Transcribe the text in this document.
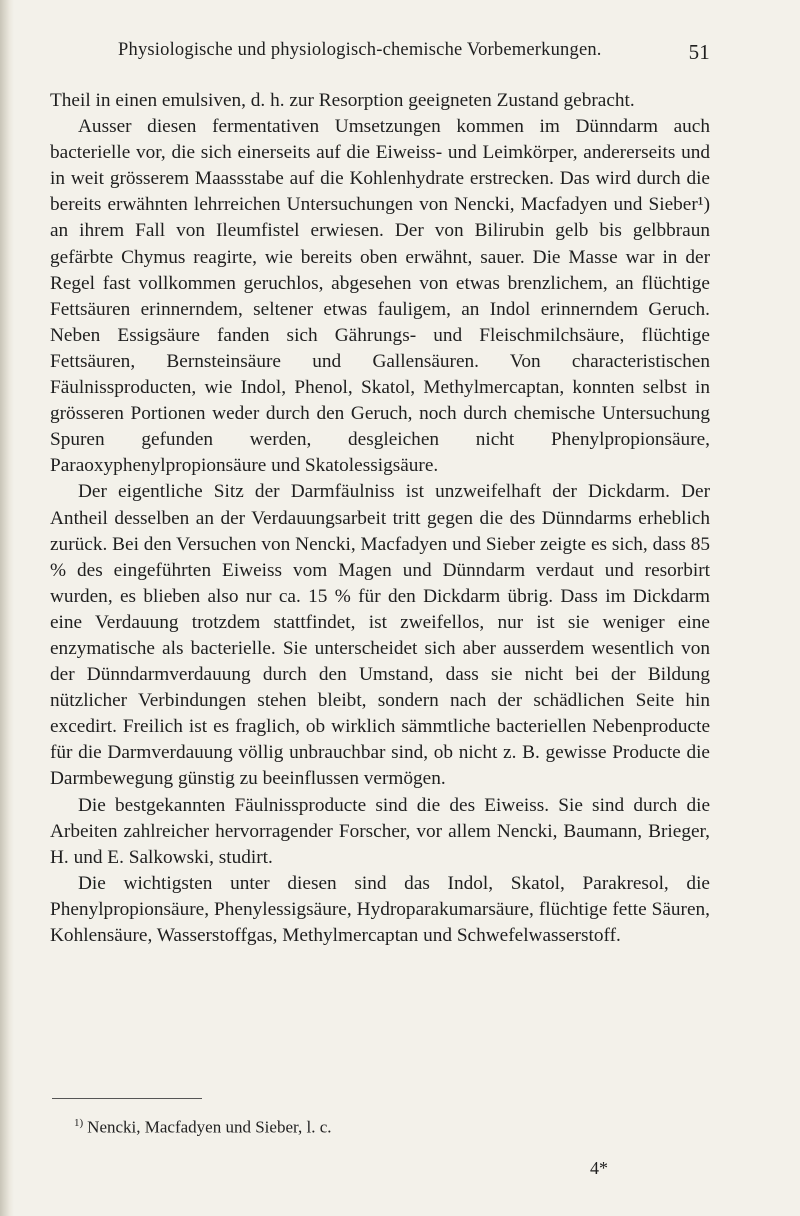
Physiologische und physiologisch-chemische Vorbemerkungen.	51

Theil in einen emulsiven, d. h. zur Resorption geeigneten Zustand gebracht.

Ausser diesen fermentativen Umsetzungen kommen im Dünndarm auch bacterielle vor, die sich einerseits auf die Eiweiss- und Leimkörper, andererseits und in weit grösserem Maassstabe auf die Kohlenhydrate erstrecken. Das wird durch die bereits erwähnten lehrreichen Untersuchungen von Nencki, Macfadyen und Sieber¹) an ihrem Fall von Ileumfistel erwiesen. Der von Bilirubin gelb bis gelbbraun gefärbte Chymus reagirte, wie bereits oben erwähnt, sauer. Die Masse war in der Regel fast vollkommen geruchlos, abgesehen von etwas brenzlichem, an flüchtige Fettsäuren erinnerndem, seltener etwas fauligem, an Indol erinnerndem Geruch. Neben Essigsäure fanden sich Gährungs- und Fleischmilchsäure, flüchtige Fettsäuren, Bernsteinsäure und Gallensäuren. Von characteristischen Fäulnissproducten, wie Indol, Phenol, Skatol, Methylmercaptan, konnten selbst in grösseren Portionen weder durch den Geruch, noch durch chemische Untersuchung Spuren gefunden werden, desgleichen nicht Phenylpropionsäure, Paraoxyphenylpropionsäure und Skatolessigsäure.

Der eigentliche Sitz der Darmfäulniss ist unzweifelhaft der Dickdarm. Der Antheil desselben an der Verdauungsarbeit tritt gegen die des Dünndarms erheblich zurück. Bei den Versuchen von Nencki, Macfadyen und Sieber zeigte es sich, dass 85 % des eingeführten Eiweiss vom Magen und Dünndarm verdaut und resorbirt wurden, es blieben also nur ca. 15 % für den Dickdarm übrig. Dass im Dickdarm eine Verdauung trotzdem stattfindet, ist zweifellos, nur ist sie weniger eine enzymatische als bacterielle. Sie unterscheidet sich aber ausserdem wesentlich von der Dünndarmverdauung durch den Umstand, dass sie nicht bei der Bildung nützlicher Verbindungen stehen bleibt, sondern nach der schädlichen Seite hin excedirt. Freilich ist es fraglich, ob wirklich sämmtliche bacteriellen Nebenproducte für die Darmverdauung völlig unbrauchbar sind, ob nicht z. B. gewisse Producte die Darmbewegung günstig zu beeinflussen vermögen.

Die bestgekannten Fäulnissproducte sind die des Eiweiss. Sie sind durch die Arbeiten zahlreicher hervorragender Forscher, vor allem Nencki, Baumann, Brieger, H. und E. Salkowski, studirt.

Die wichtigsten unter diesen sind das Indol, Skatol, Parakresol, die Phenylpropionsäure, Phenylessigsäure, Hydroparakumarsäure, flüchtige fette Säuren, Kohlensäure, Wasserstoffgas, Methylmercaptan und Schwefelwasserstoff.

$^{1)}$ Nencki, Macfadyen und Sieber, l. c.
4*
